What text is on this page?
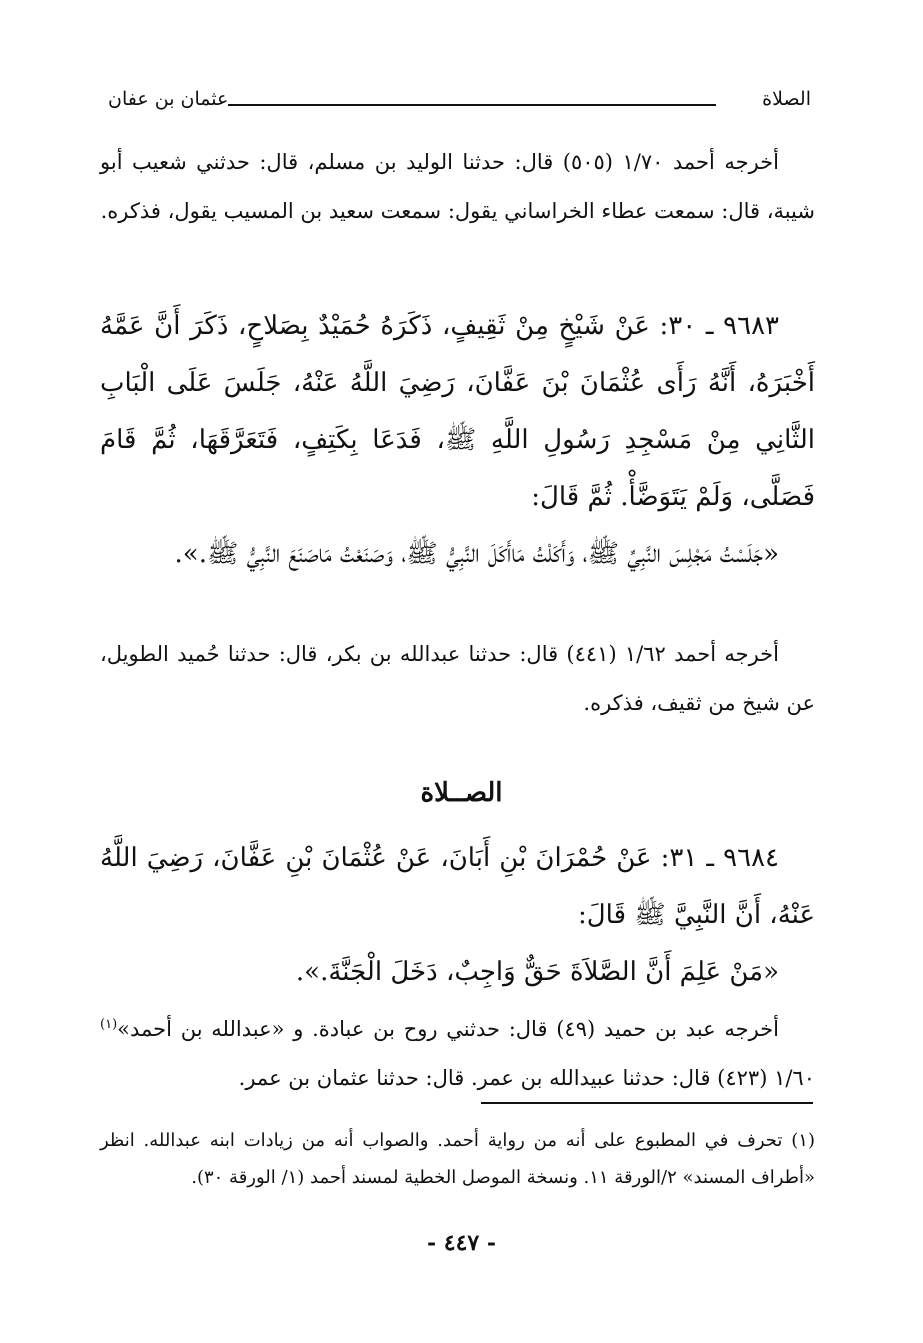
عثمان بن عفان	الصلاة
أخرجه أحمد ١/٧٠ (٥٠٥) قال: حدثنا الوليد بن مسلم، قال: حدثني شعيب أبو شيبة، قال: سمعت عطاء الخراساني يقول: سمعت سعيد بن المسيب يقول، فذكره.
٩٦٨٣ ـ ٣٠: عَنْ شَيْخٍ مِنْ ثَقِيفٍ، ذَكَرَهُ حُمَيْدٌ بِصَلاحٍ، ذَكَرَ أَنَّ عَمَّهُ أَخْبَرَهُ، أَنَّهُ رَأَى عُثْمَانَ بْنَ عَفَّانَ، رَضِيَ اللَّهُ عَنْهُ، جَلَسَ عَلَى الْبَابِ الثَّانِي مِنْ مَسْجِدِ رَسُولِ اللَّهِ ﷺ، فَدَعَا بِكَتِفٍ، فَتَعَرَّقَهَا، ثُمَّ قَامَ فَصَلَّى، وَلَمْ يَتَوَضَّأْ. ثُمَّ قَالَ:
«جَلَسْتُ مَجْلِسَ النَّبِيِّ ﷺ، وَأَكَلْتُ مَاأَكَلَ النَّبِيُّ ﷺ، وَصَنَعْتُ مَاصَنَعَ النَّبِيُّ ﷺ.».
أخرجه أحمد ١/٦٢ (٤٤١) قال: حدثنا عبدالله بن بكر، قال: حدثنا حُميد الطويل، عن شيخ من ثقيف، فذكره.
الصــلاة
٩٦٨٤ ـ ٣١: عَنْ حُمْرَانَ بْنِ أَبَانَ، عَنْ عُثْمَانَ بْنِ عَفَّانَ، رَضِيَ اللَّهُ عَنْهُ، أَنَّ النَّبِيَّ ﷺ قَالَ:
«مَنْ عَلِمَ أَنَّ الصَّلاَةَ حَقٌّ وَاجِبٌ، دَخَلَ الْجَنَّةَ.».
أخرجه عبد بن حميد (٤٩) قال: حدثني روح بن عبادة. و «عبدالله بن أحمد»$^{(١)}$ ١/٦٠ (٤٢٣) قال: حدثنا عبيدالله بن عمر. قال: حدثنا عثمان بن عمر.
(١) تحرف في المطبوع على أنه من رواية أحمد. والصواب أنه من زيادات ابنه عبدالله. انظر «أطراف المسند» ٢/الورقة ١١. ونسخة الموصل الخطية لمسند أحمد (١/ الورقة ٣٠).
- ٤٤٧ -
